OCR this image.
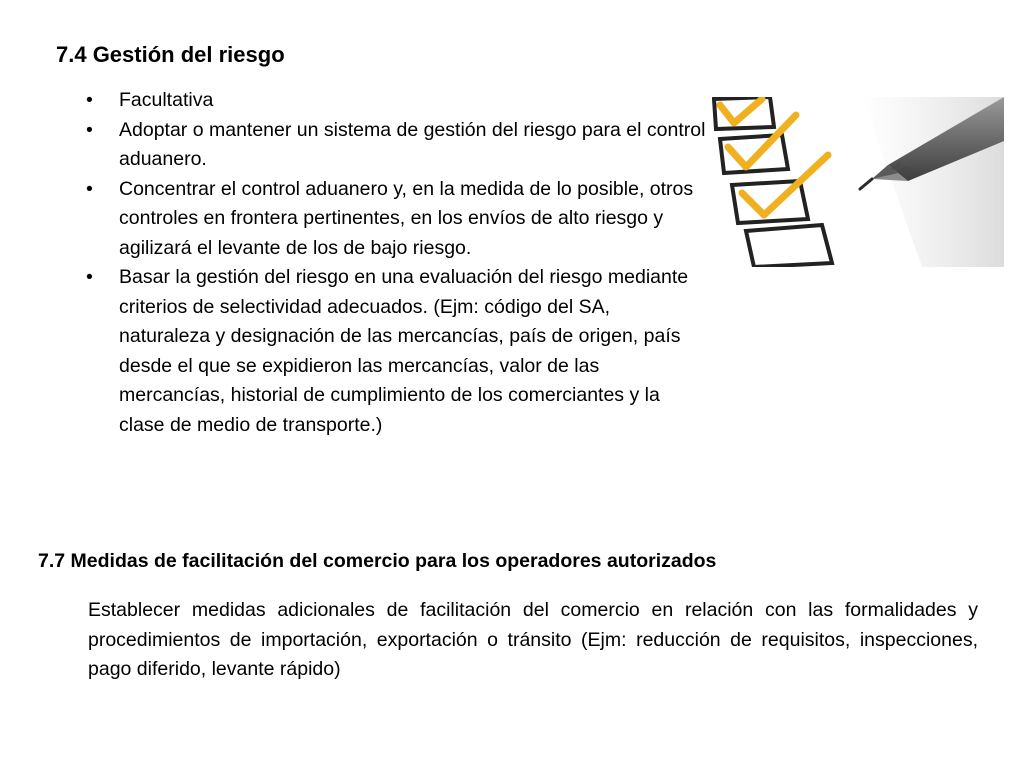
7.4 Gestión del riesgo
• Facultativa
• Adoptar o mantener un sistema de gestión del riesgo para el control aduanero.
• Concentrar el control aduanero y, en la medida de lo posible, otros controles en frontera pertinentes, en los envíos de alto riesgo y agilizará el levante de los de bajo riesgo.
• Basar la gestión del riesgo en una evaluación del riesgo mediante criterios de selectividad adecuados. (Ejm: código del SA, naturaleza y designación de las mercancías, país de origen, país desde el que se expidieron las mercancías, valor de las mercancías, historial de cumplimiento de los comerciantes y la clase de medio de transporte.)
7.7 Medidas de facilitación del comercio para los operadores autorizados

Establecer medidas adicionales de facilitación del comercio en relación con las formalidades y procedimientos de importación, exportación o tránsito (Ejm: reducción de requisitos, inspecciones, pago diferido, levante rápido)
